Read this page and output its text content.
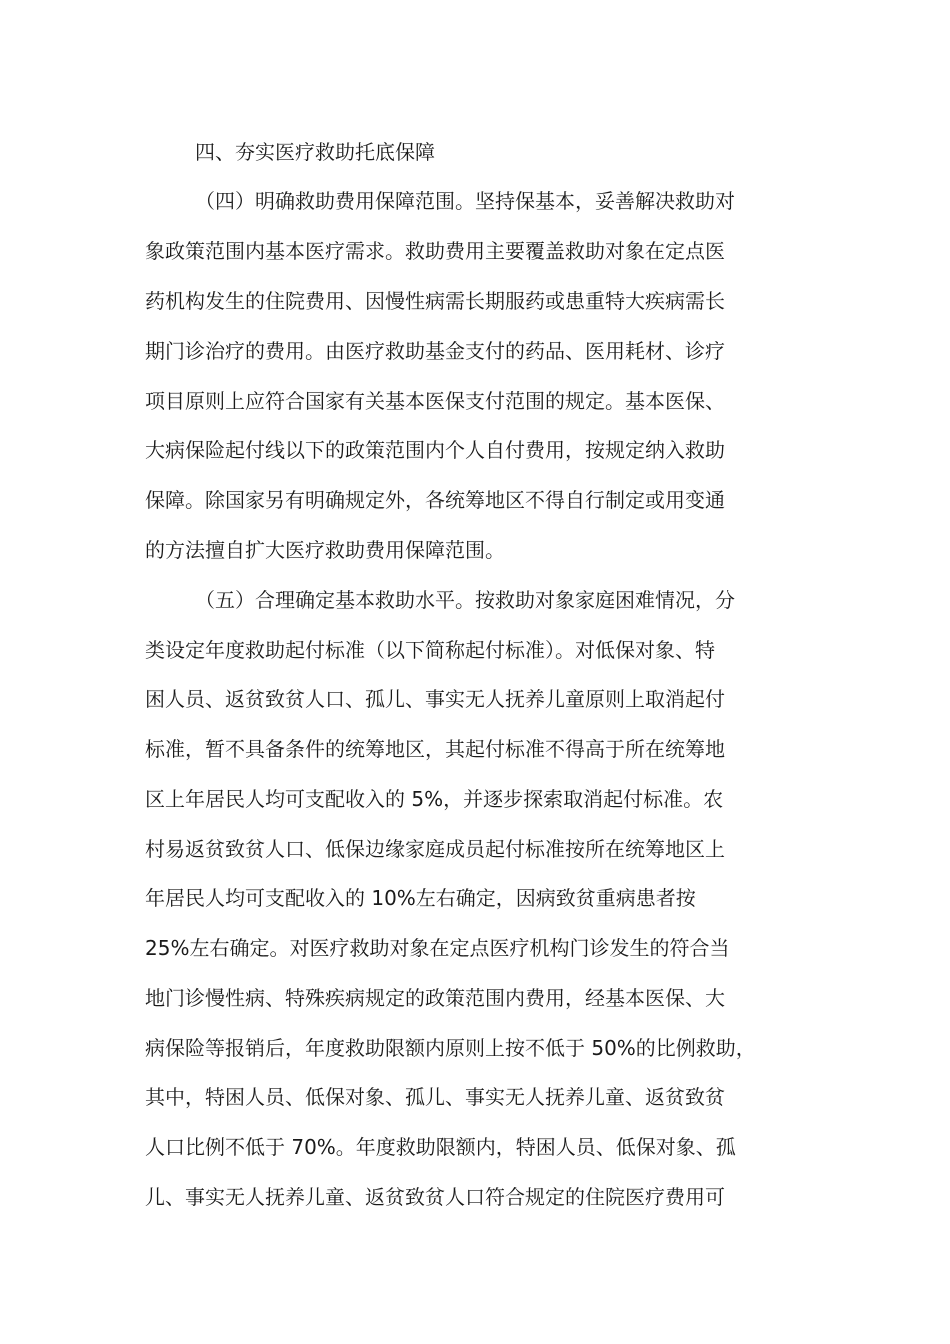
四、夯实医疗救助托底保障
（四）明确救助费用保障范围。坚持保基本，妥善解决救助对
象政策范围内基本医疗需求。救助费用主要覆盖救助对象在定点医
药机构发生的住院费用、因慢性病需长期服药或患重特大疾病需长
期门诊治疗的费用。由医疗救助基金支付的药品、医用耗材、诊疗
项目原则上应符合国家有关基本医保支付范围的规定。基本医保、
大病保险起付线以下的政策范围内个人自付费用，按规定纳入救助
保障。除国家另有明确规定外，各统筹地区不得自行制定或用变通
的方法擅自扩大医疗救助费用保障范围。
（五）合理确定基本救助水平。按救助对象家庭困难情况，分
类设定年度救助起付标准（以下简称起付标准）。对低保对象、特
困人员、返贫致贫人口、孤儿、事实无人抚养儿童原则上取消起付
标准，暂不具备条件的统筹地区，其起付标准不得高于所在统筹地
区上年居民人均可支配收入的 5%，并逐步探索取消起付标准。农
村易返贫致贫人口、低保边缘家庭成员起付标准按所在统筹地区上
年居民人均可支配收入的 10%左右确定，因病致贫重病患者按
25%左右确定。对医疗救助对象在定点医疗机构门诊发生的符合当
地门诊慢性病、特殊疾病规定的政策范围内费用，经基本医保、大
病保险等报销后，年度救助限额内原则上按不低于 50%的比例救助，
其中，特困人员、低保对象、孤儿、事实无人抚养儿童、返贫致贫
人口比例不低于 70%。年度救助限额内，特困人员、低保对象、孤
儿、事实无人抚养儿童、返贫致贫人口符合规定的住院医疗费用可
